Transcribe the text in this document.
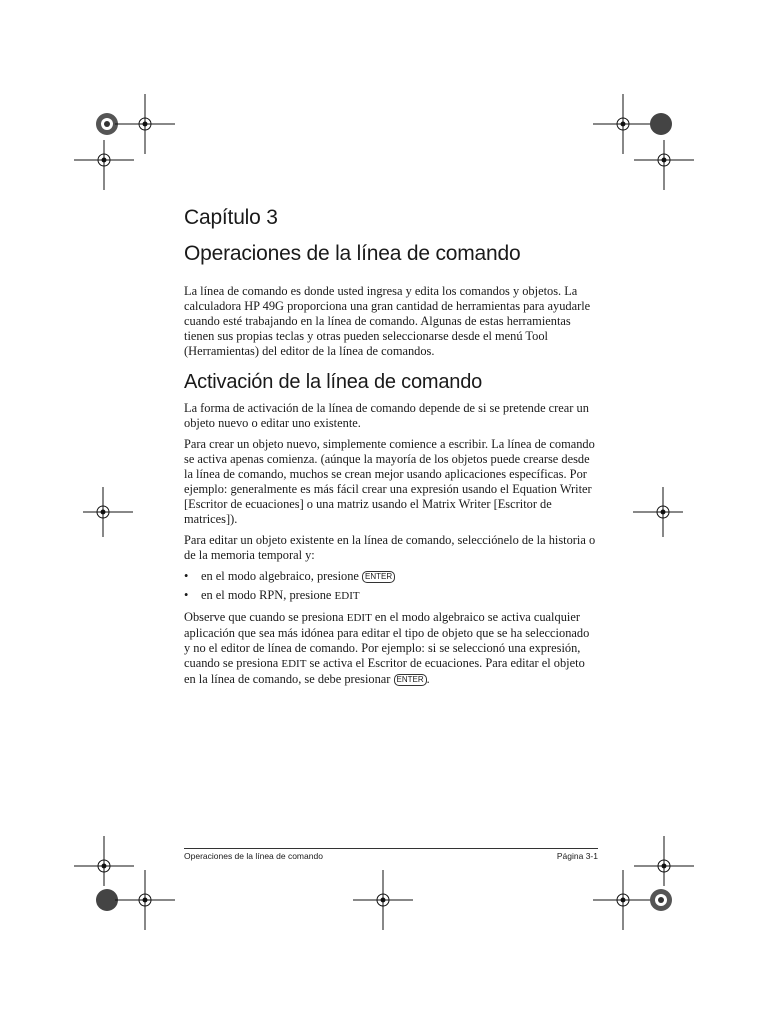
Capítulo 3
Operaciones de la línea de comando

La línea de comando es donde usted ingresa y edita los comandos y objetos. La calculadora HP 49G proporciona una gran cantidad de herramientas para ayudarle cuando esté trabajando en la línea de comando. Algunas de estas herramientas tienen sus propias teclas y otras pueden seleccionarse desde el menú Tool (Herramientas) del editor de la línea de comandos.

Activación de la línea de comando

La forma de activación de la línea de comando depende de si se pretende crear un objeto nuevo o editar uno existente.

Para crear un objeto nuevo, simplemente comience a escribir. La línea de comando se activa apenas comienza. (aúnque la mayoría de los objetos puede crearse desde la línea de comando, muchos se crean mejor usando aplicaciones específicas. Por ejemplo: generalmente es más fácil crear una expresión usando el Equation Writer [Escritor de ecuaciones] o una matriz usando el Matrix Writer [Escritor de matrices]).

Para editar un objeto existente en la línea de comando, selecciónelo de la historia o de la memoria temporal y:

• en el modo algebraico, presione ENTER
• en el modo RPN, presione EDIT

Observe que cuando se presiona EDIT en el modo algebraico se activa cualquier aplicación que sea más idónea para editar el tipo de objeto que se ha seleccionado y no el editor de línea de comando. Por ejemplo: si se seleccionó una expresión, cuando se presiona EDIT se activa el Escritor de ecuaciones. Para editar el objeto en la línea de comando, se debe presionar ENTER .

Operaciones de la línea de comando	Página 3-1
